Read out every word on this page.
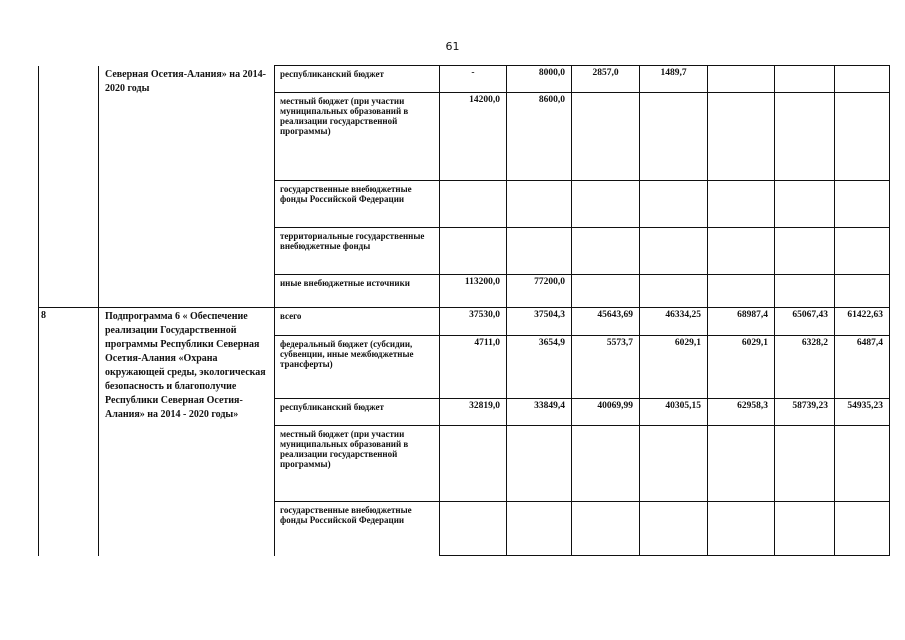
61
	Северная Осетия-Алания» на 2014-2020 годы	республиканский бюджет	-	8000,0	2857,0	1489,7			
		местный бюджет (при участии муниципальных образований в реализации государственной программы)	14200,0	8600,0					
		государственные внебюджетные фонды Российской Федерации							
		территориальные государственные внебюджетные фонды							
		иные внебюджетные источники	113200,0	77200,0					
8	Подпрограмма 6 « Обеспечение реализации Государственной программы Республики Северная Осетия-Алания «Охрана окружающей среды, экологическая безопасность и благополучие Республики Северная Осетия-Алания» на 2014 - 2020 годы»	всего	37530,0	37504,3	45643,69	46334,25	68987,4	65067,43	61422,63
		федеральный бюджет (субсидии, субвенции, иные межбюджетные трансферты)	4711,0	3654,9	5573,7	6029,1	6029,1	6328,2	6487,4
		республиканский бюджет	32819,0	33849,4	40069,99	40305,15	62958,3	58739,23	54935,23
		местный бюджет (при участии муниципальных образований в реализации государственной программы)							
		государственные внебюджетные фонды Российской Федерации							
